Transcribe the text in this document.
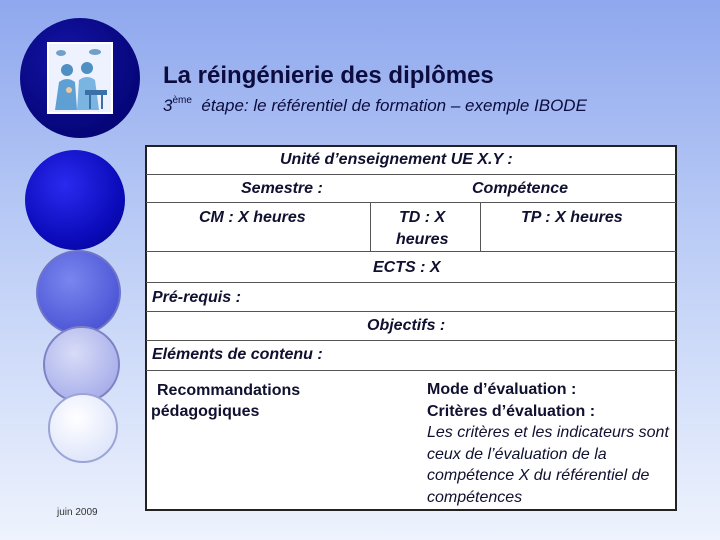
La réingénierie des diplômes
3ème étape: le référentiel de formation – exemple IBODE
Unité d’enseignement UE X.Y :
Semestre :	Compétence
CM : X heures	TD : X
heures
TP : X heures
ECTS : X
Pré-requis :
Objectifs :
Eléments de contenu :
Recommandations
pédagogiques
Mode d’évaluation :
Critères d’évaluation :
Les critères et les indicateurs sont ceux de l’évaluation de la compétence X du référentiel de compétences
juin 2009
